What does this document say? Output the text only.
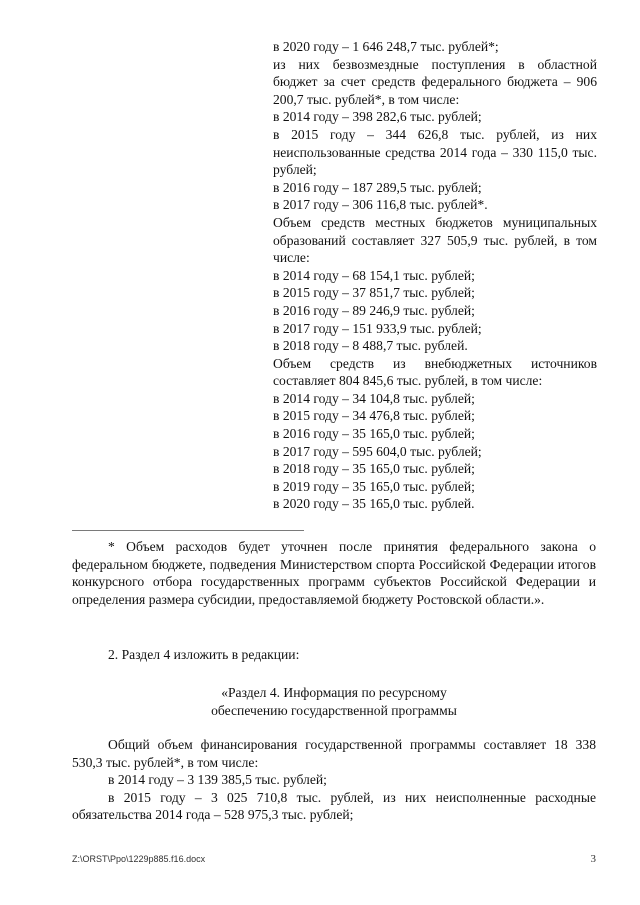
в 2020 году – 1 646 248,7 тыс. рублей*;

из них безвозмездные поступления в областной бюджет за счет средств федерального бюджета – 906 200,7 тыс. рублей*, в том числе:

в 2014 году – 398 282,6 тыс. рублей;

в 2015 году – 344 626,8 тыс. рублей, из них неиспользованные средства 2014 года – 330 115,0 тыс. рублей;

в 2016 году – 187 289,5 тыс. рублей;

в 2017 году – 306 116,8 тыс. рублей*.

Объем средств местных бюджетов муниципальных образований составляет 327 505,9 тыс. рублей, в том числе:

в 2014 году – 68 154,1 тыс. рублей;

в 2015 году – 37 851,7 тыс. рублей;

в 2016 году – 89 246,9 тыс. рублей;

в 2017 году – 151 933,9 тыс. рублей;

в 2018 году – 8 488,7 тыс. рублей.

Объем средств из внебюджетных источников составляет 804 845,6 тыс. рублей, в том числе:

в 2014 году – 34 104,8 тыс. рублей;

в 2015 году – 34 476,8 тыс. рублей;

в 2016 году – 35 165,0 тыс. рублей;

в 2017 году – 595 604,0 тыс. рублей;

в 2018 году – 35 165,0 тыс. рублей;

в 2019 году – 35 165,0 тыс. рублей;

в 2020 году – 35 165,0 тыс. рублей.

* Объем расходов будет уточнен после принятия федерального закона о федеральном бюджете, подведения Министерством спорта Российской Федерации итогов конкурсного отбора государственных программ субъектов Российской Федерации и определения размера субсидии, предоставляемой бюджету Ростовской области.».

2. Раздел 4 изложить в редакции:

«Раздел 4. Информация по ресурсному
обеспечению государственной программы

Общий объем финансирования государственной программы составляет 18 338 530,3 тыс. рублей*, в том числе:

в 2014 году – 3 139 385,5 тыс. рублей;

в 2015 году – 3 025 710,8 тыс. рублей, из них неисполненные расходные обязательства 2014 года – 528 975,3 тыс. рублей;

Z:\ORST\Ppo\1229p885.f16.docx	3
